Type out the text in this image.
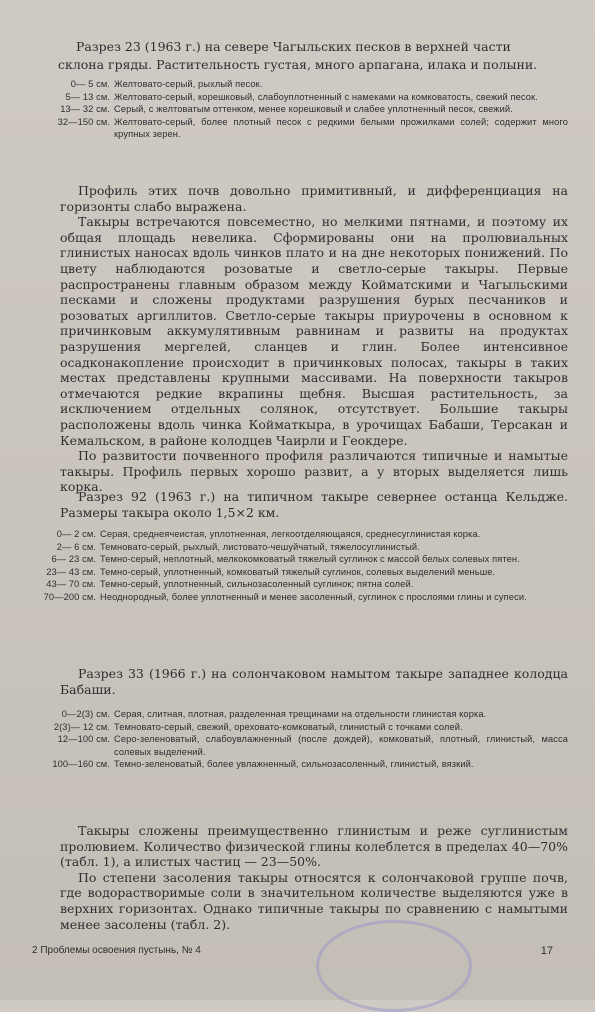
Разрез 23 (1963 г.) на севере Чагыльских песков в верхней части
склона гряды. Растительность густая, много арпагана, илака и полыни.
0— 5 см. Желтовато-серый, рыхлый песок.
5— 13 см. Желтовато-серый, корешковый, слабоуплотненный с намеками на комковатость, свежий песок.
13— 32 см. Серый, с желтоватым оттенком, менее корешковый и слабее уплотненный песок, свежий.
32—150 см. Желтовато-серый, более плотный песок с редкими белыми прожилками солей; содержит много крупных зерен.

Профиль этих почв довольно примитивный, и дифференциация на горизонты слабо выражена.

Такыры встречаются повсеместно, но мелкими пятнами, и поэтому их общая площадь невелика. Сформированы они на пролювиальных глинистых наносах вдоль чинков плато и на дне некоторых понижений. По цвету наблюдаются розоватые и светло-серые такыры. Первые распространены главным образом между Койматскими и Чагыльскими песками и сложены продуктами разрушения бурых песчаников и розоватых аргиллитов. Светло-серые такыры приурочены в основном к причинковым аккумулятивным равнинам и развиты на продуктах разрушения мергелей, сланцев и глин. Более интенсивное осадконакопление происходит в причинковых полосах, такыры в таких местах представлены крупными массивами. На поверхности такыров отмечаются редкие вкрапины щебня. Высшая растительность, за исключением отдельных солянок, отсутствует. Большие такыры расположены вдоль чинка Койматкыра, в урочищах Бабаши, Терсакан и Кемальском, в районе колодцев Чаирли и Геокдере.

По развитости почвенного профиля различаются типичные и намытые такыры. Профиль первых хорошо развит, а у вторых выделяется лишь корка.

Разрез 92 (1963 г.) на типичном такыре севернее останца Кельдже. Размеры такыра около 1,5×2 км.

0— 2 см. Серая, среднеячеистая, уплотненная, легкоотделяющаяся, среднесуглинистая корка.
2— 6 см. Темновато-серый, рыхлый, листовато-чешуйчатый, тяжелосуглинистый.
6— 23 см. Темно-серый, неплотный, мелкокомковатый тяжелый суглинок с массой белых солевых пятен.
23— 43 см. Темно-серый, уплотненный, комковатый тяжелый суглинок, солевых выделений меньше.
43— 70 см. Темно-серый, уплотненный, сильнозасоленный суглинок; пятна солей.
70—200 см. Неоднородный, более уплотненный и менее засоленный, суглинок с прослоями глины и супеси.

Разрез 33 (1966 г.) на солончаковом намытом такыре западнее колодца Бабаши.

0—2(3) см. Серая, слитная, плотная, разделенная трещинами на отдельности глинистая корка.
2(3)— 12 см. Темновато-серый, свежий, ореховато-комковатый, глинистый с точками солей.
12—100 см. Серо-зеленоватый, слабоувлажненный (после дождей), комковатый, плотный, глинистый, масса солевых выделений.
100—160 см. Темно-зеленоватый, более увлажненный, сильнозасоленный, глинистый, вязкий.

Такыры сложены преимущественно глинистым и реже суглинистым пролювием. Количество физической глины колеблется в пределах 40—70% (табл. 1), а илистых частиц — 23—50%.

По степени засоления такыры относятся к солончаковой группе почв, где водорастворимые соли в значительном количестве выделяются уже в верхних горизонтах. Однако типичные такыры по сравнению с намытыми менее засолены (табл. 2).

2 Проблемы освоения пустынь, № 4	17
